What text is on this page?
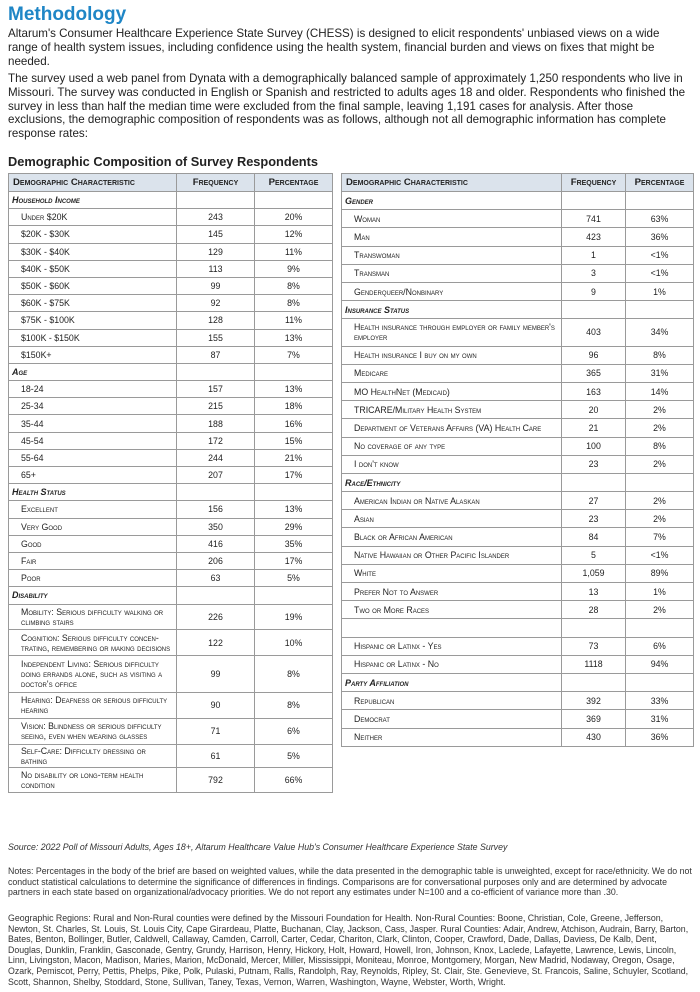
Methodology

Altarum's Consumer Healthcare Experience State Survey (CHESS) is designed to elicit respondents' unbiased views on a wide range of health system issues, including confidence using the health system, financial burden and views on fixes that might be needed.

The survey used a web panel from Dynata with a demographically balanced sample of approximately 1,250 respondents who live in Missouri. The survey was conducted in English or Spanish and restricted to adults ages 18 and older. Respondents who finished the survey in less than half the median time were excluded from the final sample, leaving 1,191 cases for analysis. After those exclusions, the demographic composition of respondents was as follows, although not all demographic information has complete response rates:

Demographic Composition of Survey Respondents
Demographic Characteristic	Frequency	Percentage
Household Income		
Under $20K	243	20%
$20K - $30K	145	12%
$30K - $40K	129	11%
$40K - $50K	113	9%
$50K - $60K	99	8%
$60K - $75K	92	8%
$75K - $100K	128	11%
$100K - $150K	155	13%
$150K+	87	7%
Age		
18-24	157	13%
25-34	215	18%
35-44	188	16%
45-54	172	15%
55-64	244	21%
65+	207	17%
Health Status		
Excellent	156	13%
Very Good	350	29%
Good	416	35%
Fair	206	17%
Poor	63	5%
Disability		
Mobility: Serious difficulty walking or climbing stairs	226	19%
Cognition: Serious difficulty concen-trating, remembering or making decisions	122	10%
Independent Living: Serious difficulty doing errands alone, such as visiting a doctor's office	99	8%
Hearing: Deafness or serious difficulty hearing	90	8%
Vision: Blindness or serious difficulty seeing, even when wearing glasses	71	6%
Self-Care: Difficulty dressing or bathing	61	5%
No disability or long-term health condition	792	66%
Demographic Characteristic	Frequency	Percentage
Gender		
Woman	741	63%
Man	423	36%
Transwoman	1	<1%
Transman	3	<1%
Genderqueer/Nonbinary	9	1%
Insurance Status		
Health insurance through employer or family member's employer	403	34%
Health insurance I buy on my own	96	8%
Medicare	365	31%
MO HealthNet (Medicaid)	163	14%
TRICARE/Military Health System	20	2%
Department of Veterans Affairs (VA) Health Care	21	2%
No coverage of any type	100	8%
I don't know	23	2%
Race/Ethnicity		
American Indian or Native Alaskan	27	2%
Asian	23	2%
Black or African American	84	7%
Native Hawaiian or Other Pacific Islander	5	<1%
White	1,059	89%
Prefer Not to Answer	13	1%
Two or More Races	28	2%

Hispanic or Latinx - Yes	73	6%
Hispanic or Latinx - No	1118	94%
Party Affiliation		
Republican	392	33%
Democrat	369	31%
Neither	430	36%
Source: 2022 Poll of Missouri Adults, Ages 18+, Altarum Healthcare Value Hub's Consumer Healthcare Experience State Survey

Notes: Percentages in the body of the brief are based on weighted values, while the data presented in the demographic table is unweighted, except for race/ethnicity. We do not conduct statistical calculations to determine the significance of differences in findings. Comparisons are for conversational purposes only and are determined by advocate partners in each state based on organizational/advocacy priorities. We do not report any estimates under N=100 and a co-efficient of variance more than .30.

Geographic Regions: Rural and Non-Rural counties were defined by the Missouri Foundation for Health. Non-Rural Counties: Boone, Christian, Cole, Greene, Jefferson, Newton, St. Charles, St. Louis, St. Louis City, Cape Girardeau, Platte, Buchanan, Clay, Jackson, Cass, Jasper. Rural Counties: Adair, Andrew, Atchison, Audrain, Barry, Barton, Bates, Benton, Bollinger, Butler, Caldwell, Callaway, Camden, Carroll, Carter, Cedar, Chariton, Clark, Clinton, Cooper, Crawford, Dade, Dallas, Daviess, De Kalb, Dent, Douglas, Dunklin, Franklin, Gasconade, Gentry, Grundy, Harrison, Henry, Hickory, Holt, Howard, Howell, Iron, Johnson, Knox, Laclede, Lafayette, Lawrence, Lewis, Lincoln, Linn, Livingston, Macon, Madison, Maries, Marion, McDonald, Mercer, Miller, Mississippi, Moniteau, Monroe, Montgomery, Morgan, New Madrid, Nodaway, Oregon, Osage, Ozark, Pemiscot, Perry, Pettis, Phelps, Pike, Polk, Pulaski, Putnam, Ralls, Randolph, Ray, Reynolds, Ripley, St. Clair, Ste. Genevieve, St. Francois, Saline, Schuyler, Scotland, Scott, Shannon, Shelby, Stoddard, Stone, Sullivan, Taney, Texas, Vernon, Warren, Washington, Wayne, Webster, Worth, Wright.
